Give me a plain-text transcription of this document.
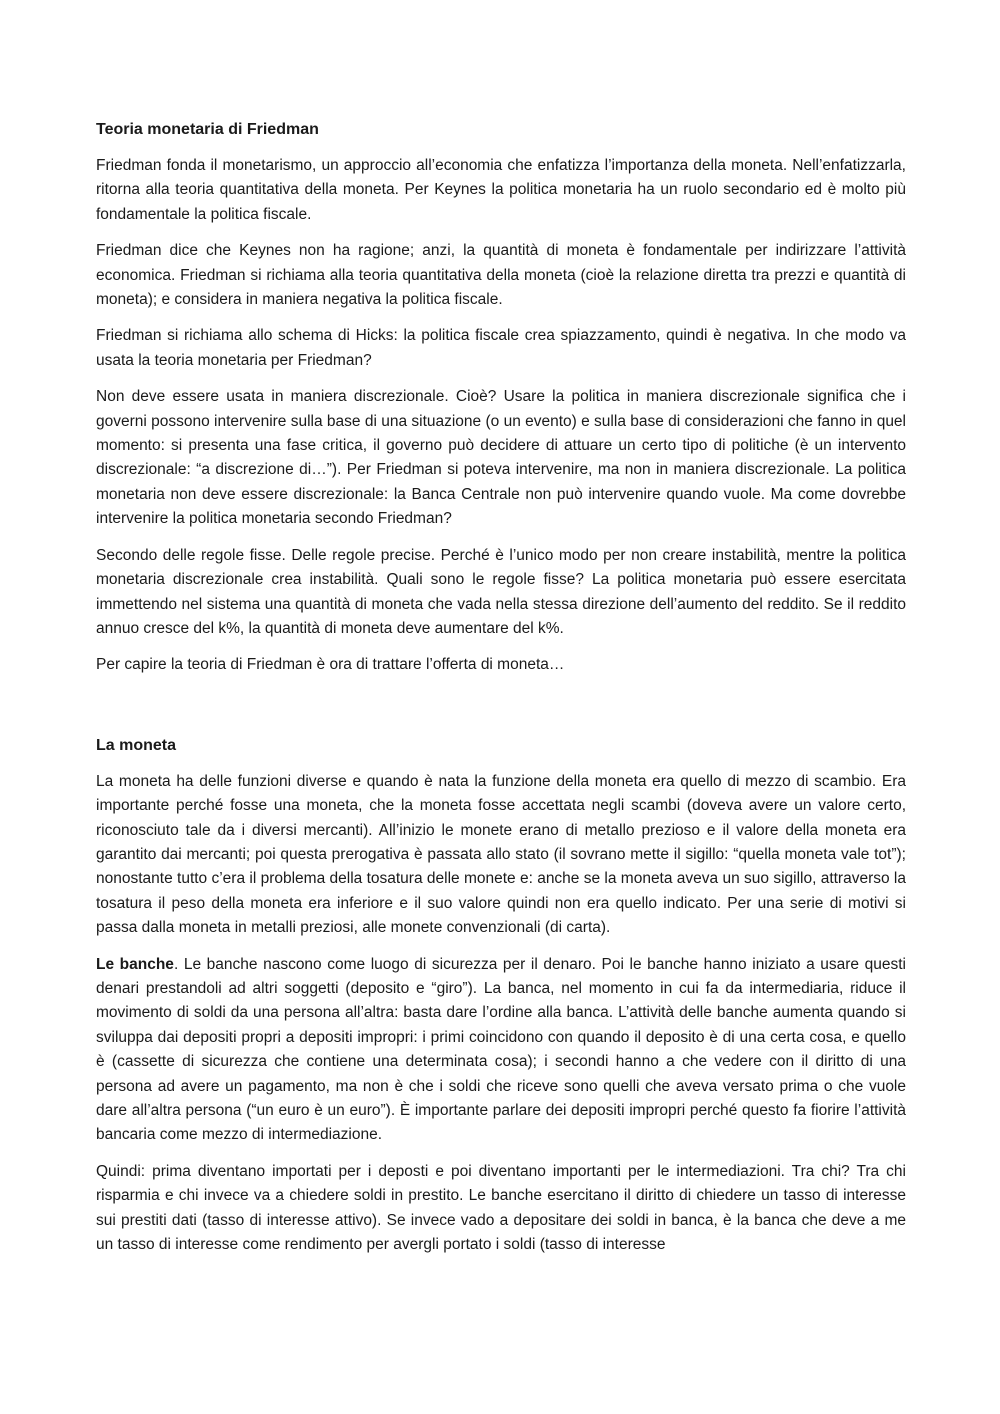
Teoria monetaria di Friedman

Friedman fonda il monetarismo, un approccio all’economia che enfatizza l’importanza della moneta. Nell’enfatizzarla, ritorna alla teoria quantitativa della moneta. Per Keynes la politica monetaria ha un ruolo secondario ed è molto più fondamentale la politica fiscale.

Friedman dice che Keynes non ha ragione; anzi, la quantità di moneta è fondamentale per indirizzare l’attività economica. Friedman si richiama alla teoria quantitativa della moneta (cioè la relazione diretta tra prezzi e quantità di moneta); e considera in maniera negativa la politica fiscale.

Friedman si richiama allo schema di Hicks: la politica fiscale crea spiazzamento, quindi è negativa. In che modo va usata la teoria monetaria per Friedman?

Non deve essere usata in maniera discrezionale. Cioè? Usare la politica in maniera discrezionale significa che i governi possono intervenire sulla base di una situazione (o un evento) e sulla base di considerazioni che fanno in quel momento: si presenta una fase critica, il governo può decidere di attuare un certo tipo di politiche (è un intervento discrezionale: “a discrezione di…”). Per Friedman si poteva intervenire, ma non in maniera discrezionale. La politica monetaria non deve essere discrezionale: la Banca Centrale non può intervenire quando vuole. Ma come dovrebbe intervenire la politica monetaria secondo Friedman?

Secondo delle regole fisse. Delle regole precise. Perché è l’unico modo per non creare instabilità, mentre la politica monetaria discrezionale crea instabilità. Quali sono le regole fisse? La politica monetaria può essere esercitata immettendo nel sistema una quantità di moneta che vada nella stessa direzione dell’aumento del reddito. Se il reddito annuo cresce del k%, la quantità di moneta deve aumentare del k%.

Per capire la teoria di Friedman è ora di trattare l’offerta di moneta…

La moneta

La moneta ha delle funzioni diverse e quando è nata la funzione della moneta era quello di mezzo di scambio. Era importante perché fosse una moneta, che la moneta fosse accettata negli scambi (doveva avere un valore certo, riconosciuto tale da i diversi mercanti). All’inizio le monete erano di metallo prezioso e il valore della moneta era garantito dai mercanti; poi questa prerogativa è passata allo stato (il sovrano mette il sigillo: “quella moneta vale tot”); nonostante tutto c’era il problema della tosatura delle monete e: anche se la moneta aveva un suo sigillo, attraverso la tosatura il peso della moneta era inferiore e il suo valore quindi non era quello indicato. Per una serie di motivi si passa dalla moneta in metalli preziosi, alle monete convenzionali (di carta).

Le banche. Le banche nascono come luogo di sicurezza per il denaro. Poi le banche hanno iniziato a usare questi denari prestandoli ad altri soggetti (deposito e “giro”). La banca, nel momento in cui fa da intermediaria, riduce il movimento di soldi da una persona all’altra: basta dare l’ordine alla banca. L’attività delle banche aumenta quando si sviluppa dai depositi propri a depositi impropri: i primi coincidono con quando il deposito è di una certa cosa, e quello è (cassette di sicurezza che contiene una determinata cosa); i secondi hanno a che vedere con il diritto di una persona ad avere un pagamento, ma non è che i soldi che riceve sono quelli che aveva versato prima o che vuole dare all’altra persona (“un euro è un euro”). È importante parlare dei depositi impropri perché questo fa fiorire l’attività bancaria come mezzo di intermediazione.

Quindi: prima diventano importati per i deposti e poi diventano importanti per le intermediazioni. Tra chi? Tra chi risparmia e chi invece va a chiedere soldi in prestito. Le banche esercitano il diritto di chiedere un tasso di interesse sui prestiti dati (tasso di interesse attivo). Se invece vado a depositare dei soldi in banca, è la banca che deve a me un tasso di interesse come rendimento per avergli portato i soldi (tasso di interesse
